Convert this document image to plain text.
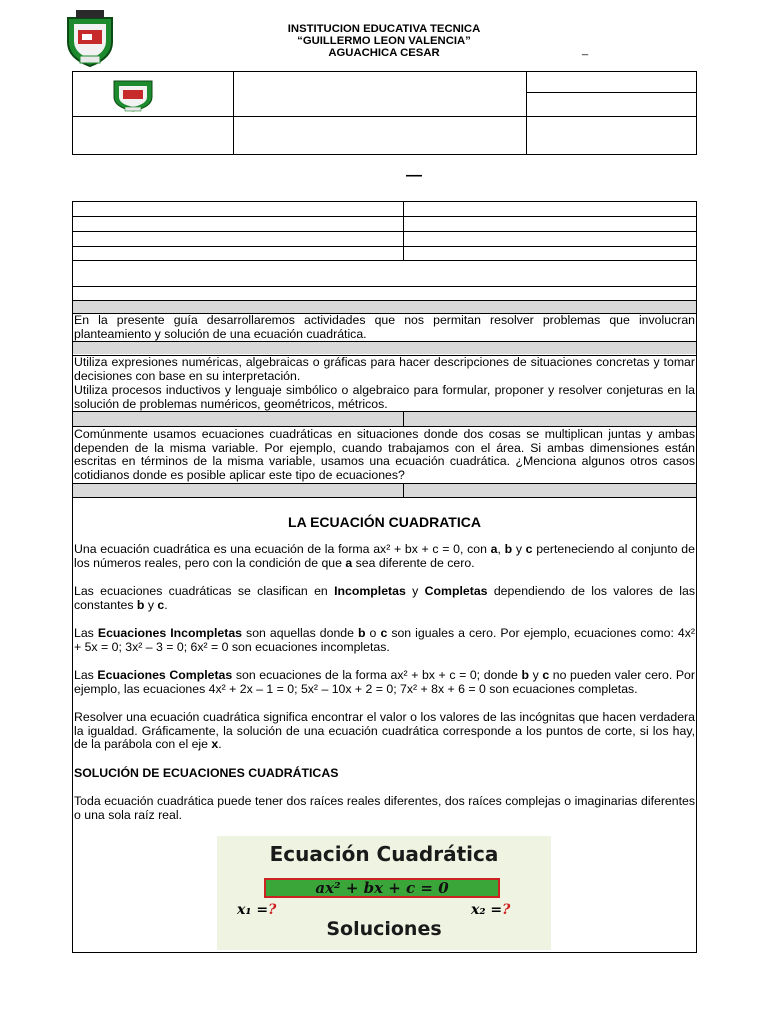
INSTITUCION EDUCATIVA TECNICA
“GUILLERMO LEON VALENCIA”
AGUACHICA CESAR	_
—
En la presente guía desarrollaremos actividades que nos permitan resolver problemas que involucran planteamiento y solución de una ecuación cuadrática.
Utiliza expresiones numéricas, algebraicas o gráficas para hacer descripciones de situaciones concretas y tomar decisiones con base en su interpretación.
Utiliza procesos inductivos y lenguaje simbólico o algebraico para formular, proponer y resolver conjeturas en la solución de problemas numéricos, geométricos, métricos.
Comúnmente usamos ecuaciones cuadráticas en situaciones donde dos cosas se multiplican juntas y ambas dependen de la misma variable. Por ejemplo, cuando trabajamos con el área. Si ambas dimensiones están escritas en términos de la misma variable, usamos una ecuación cuadrática. ¿Menciona algunos otros casos cotidianos donde es posible aplicar este tipo de ecuaciones?
LA ECUACIÓN CUADRATICA
Una ecuación cuadrática es una ecuación de la forma ax² + bx + c = 0, con a, b y c perteneciendo al conjunto de los números reales, pero con la condición de que a sea diferente de cero.
Las ecuaciones cuadráticas se clasifican en Incompletas y Completas dependiendo de los valores de las constantes b y c.
Las Ecuaciones Incompletas son aquellas donde b o c son iguales a cero. Por ejemplo, ecuaciones como: 4x² + 5x = 0; 3x² – 3 = 0; 6x² = 0 son ecuaciones incompletas.
Las Ecuaciones Completas son ecuaciones de la forma ax² + bx + c = 0; donde b y c no pueden valer cero. Por ejemplo, las ecuaciones 4x² + 2x – 1 = 0; 5x² – 10x + 2 = 0; 7x² + 8x + 6 = 0 son ecuaciones completas.
Resolver una ecuación cuadrática significa encontrar el valor o los valores de las incógnitas que hacen verdadera la igualdad. Gráficamente, la solución de una ecuación cuadrática corresponde a los puntos de corte, si los hay, de la parábola con el eje x.
SOLUCIÓN DE ECUACIONES CUADRÁTICAS
Toda ecuación cuadrática puede tener dos raíces reales diferentes, dos raíces complejas o imaginarias diferentes o una sola raíz real.
Ecuación Cuadrática
ax² + bx + c = 0
x₁ =?	x₂ =?
Soluciones
